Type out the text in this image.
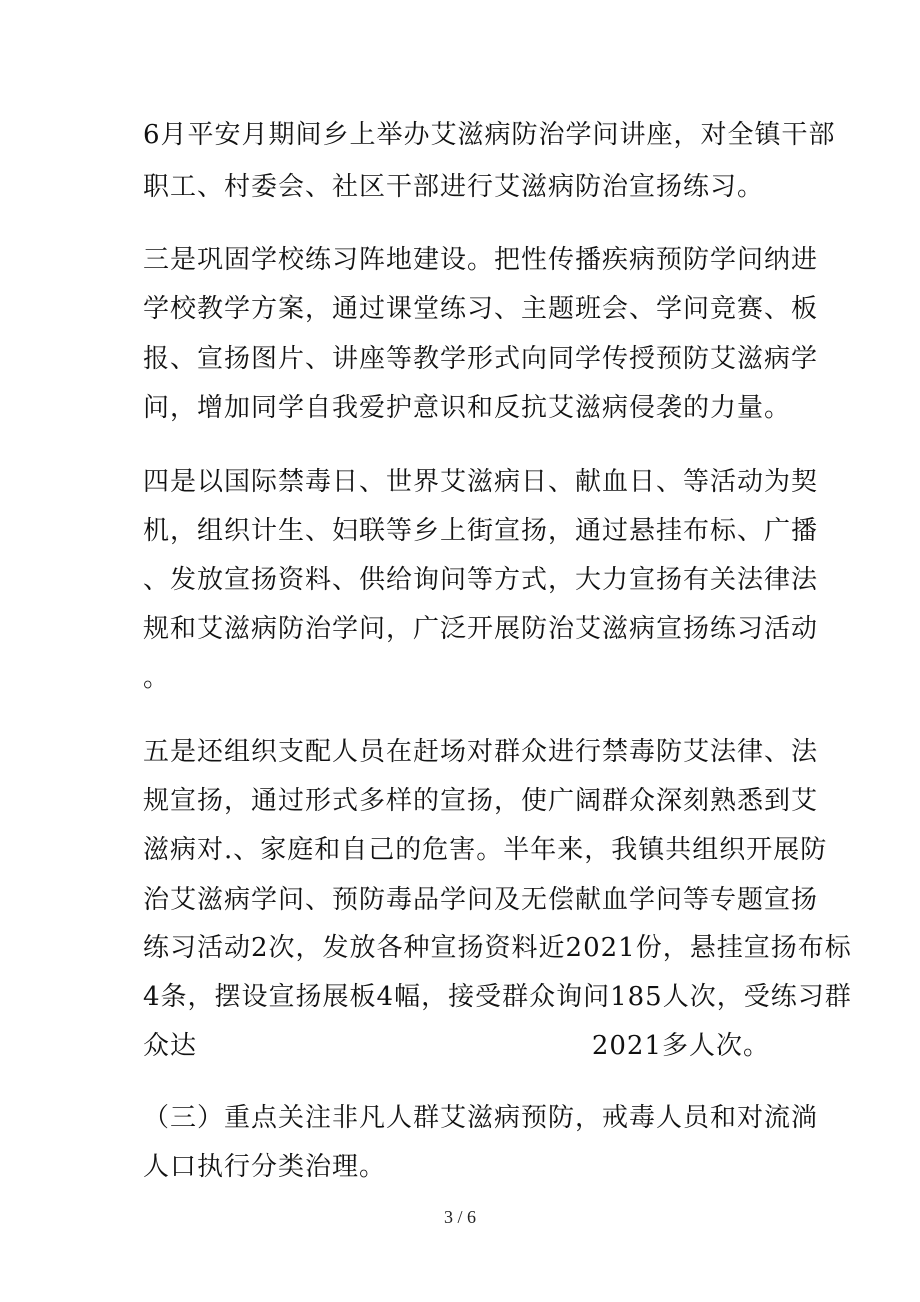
6月平安月期间乡上举办艾滋病防治学问讲座，对全镇干部
职工、村委会、社区干部进行艾滋病防治宣扬练习。
三是巩固学校练习阵地建设。把性传播疾病预防学问纳进
学校教学方案，通过课堂练习、主题班会、学问竞赛、板
报、宣扬图片、讲座等教学形式向同学传授预防艾滋病学
问，增加同学自我爱护意识和反抗艾滋病侵袭的力量。
四是以国际禁毒日、世界艾滋病日、献血日、等活动为契
机，组织计生、妇联等乡上街宣扬，通过悬挂布标、广播
、发放宣扬资料、供给询问等方式，大力宣扬有关法律法
规和艾滋病防治学问，广泛开展防治艾滋病宣扬练习活动
。
五是还组织支配人员在赶场对群众进行禁毒防艾法律、法
规宣扬，通过形式多样的宣扬，使广阔群众深刻熟悉到艾
滋病对.、家庭和自己的危害。半年来，我镇共组织开展防
治艾滋病学问、预防毒品学问及无偿献血学问等专题宣扬
练习活动2次，发放各种宣扬资料近2021份，悬挂宣扬布标
4条，摆设宣扬展板4幅，接受群众询问185人次，受练习群
众达	2021多人次。
（三）重点关注非凡人群艾滋病预防，戒毒人员和对流淌
人口执行分类治理。
3 / 6
